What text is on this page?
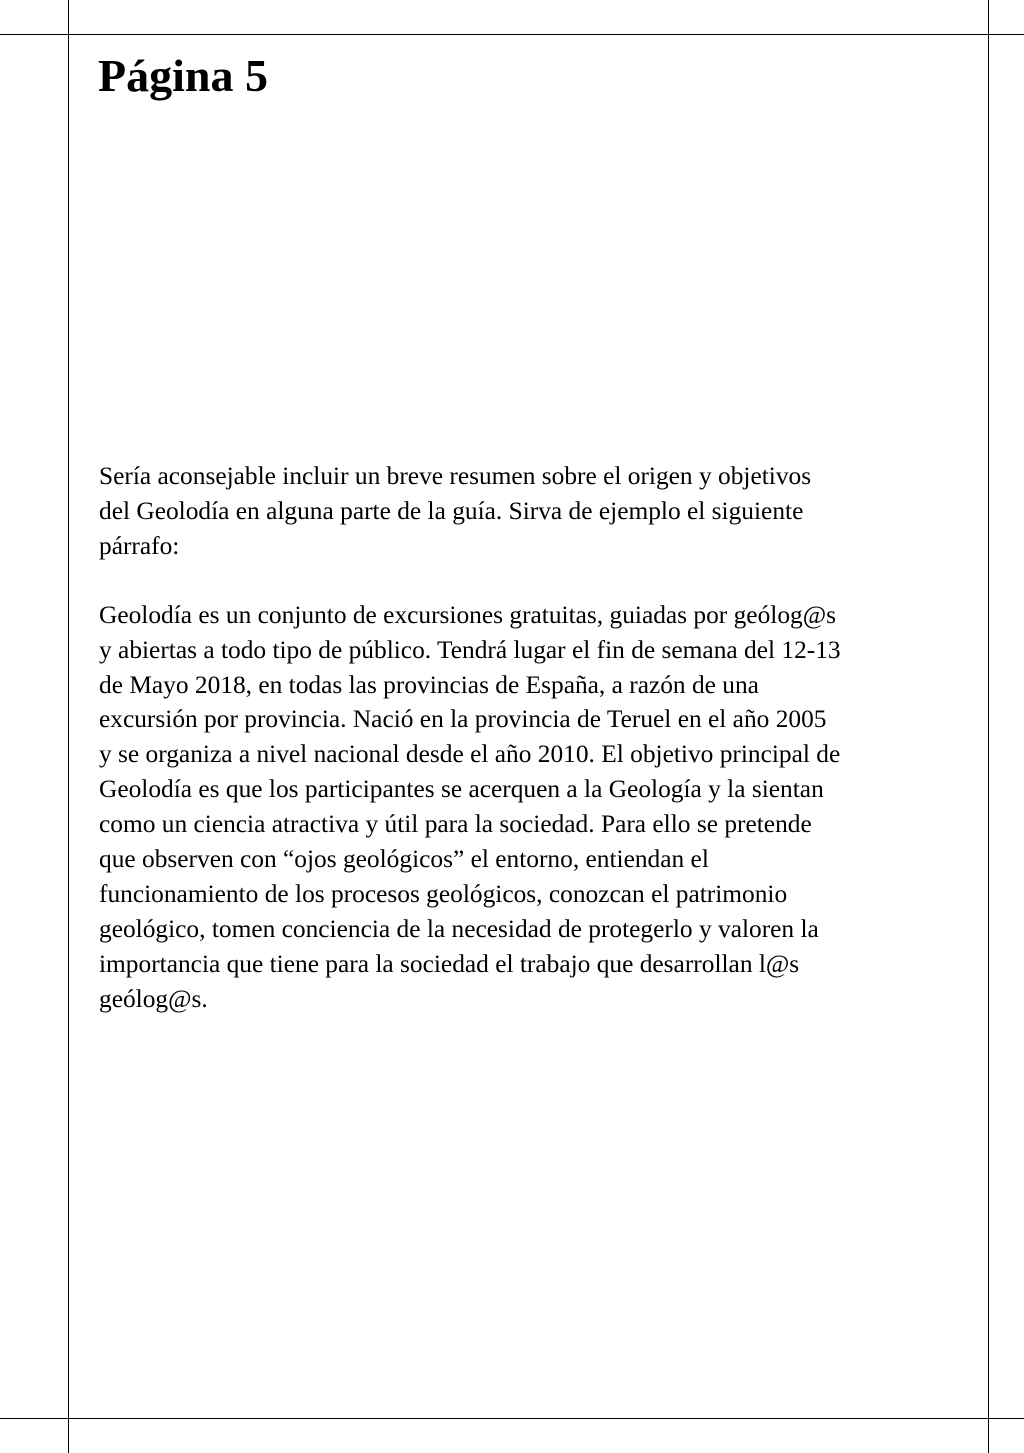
Página 5

Sería aconsejable incluir un breve resumen sobre el origen y objetivos
del Geolodía en alguna parte de la guía. Sirva de ejemplo el siguiente
párrafo:

Geolodía es un conjunto de excursiones gratuitas, guiadas por geólog@s
y abiertas a todo tipo de público. Tendrá lugar el fin de semana del 12-13
de Mayo 2018, en todas las provincias de España, a razón de una
excursión por provincia. Nació en la provincia de Teruel en el año 2005
y se organiza a nivel nacional desde el año 2010. El objetivo principal de
Geolodía es que los participantes se acerquen a la Geología y la sientan
como un ciencia atractiva y útil para la sociedad. Para ello se pretende
que observen con “ojos geológicos” el entorno, entiendan el
funcionamiento de los procesos geológicos, conozcan el patrimonio
geológico, tomen conciencia de la necesidad de protegerlo y valoren la
importancia que tiene para la sociedad el trabajo que desarrollan l@s
geólog@s.
